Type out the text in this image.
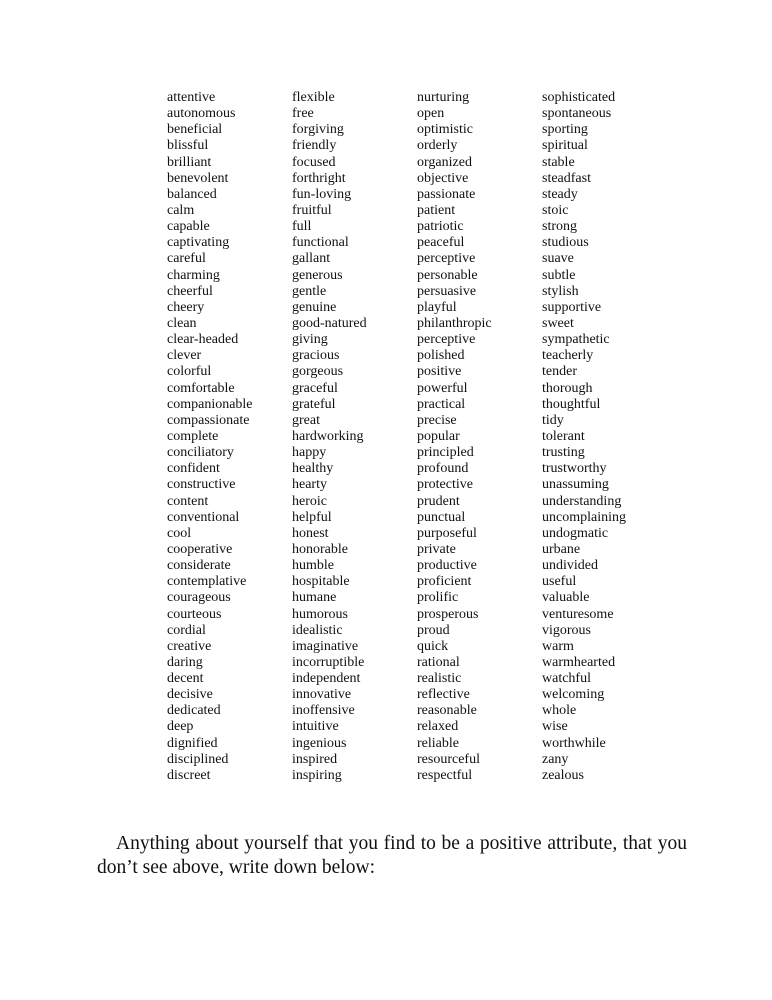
attentive
autonomous
beneficial
blissful
brilliant
benevolent
balanced
calm
capable
captivating
careful
charming
cheerful
cheery
clean
clear-headed
clever
colorful
comfortable
companionable
compassionate
complete
conciliatory
confident
constructive
content
conventional
cool
cooperative
considerate
contemplative
courageous
courteous
cordial
creative
daring
decent
decisive
dedicated
deep
dignified
disciplined
discreet
flexible
free
forgiving
friendly
focused
forthright
fun-loving
fruitful
full
functional
gallant
generous
gentle
genuine
good-natured
giving
gracious
gorgeous
graceful
grateful
great
hardworking
happy
healthy
hearty
heroic
helpful
honest
honorable
humble
hospitable
humane
humorous
idealistic
imaginative
incorruptible
independent
innovative
inoffensive
intuitive
ingenious
inspired
inspiring
nurturing
open
optimistic
orderly
organized
objective
passionate
patient
patriotic
peaceful
perceptive
personable
persuasive
playful
philanthropic
perceptive
polished
positive
powerful
practical
precise
popular
principled
profound
protective
prudent
punctual
purposeful
private
productive
proficient
prolific
prosperous
proud
quick
rational
realistic
reflective
reasonable
relaxed
reliable
resourceful
respectful
sophisticated
spontaneous
sporting
spiritual
stable
steadfast
steady
stoic
strong
studious
suave
subtle
stylish
supportive
sweet
sympathetic
teacherly
tender
thorough
thoughtful
tidy
tolerant
trusting
trustworthy
unassuming
understanding
uncomplaining
undogmatic
urbane
undivided
useful
valuable
venturesome
vigorous
warm
warmhearted
watchful
welcoming
whole
wise
worthwhile
zany
zealous
Anything about yourself that you find to be a positive attribute, that you don’t see above, write down below:
